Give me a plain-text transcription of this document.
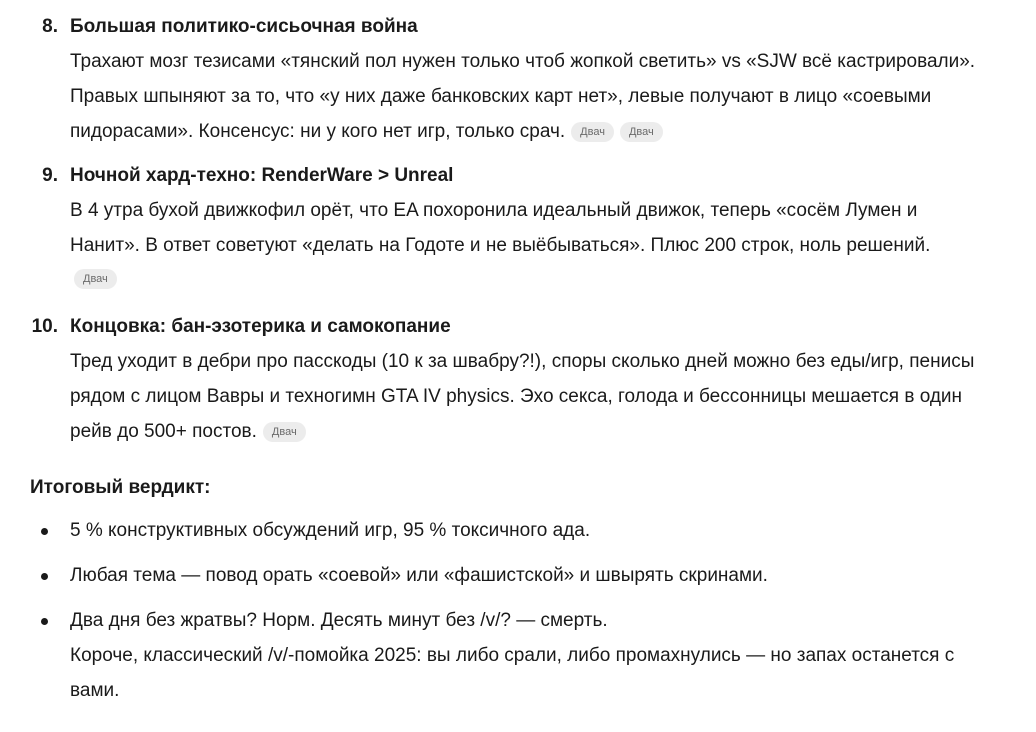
8. Большая политико-сисьочная война

Трахают мозг тезисами «тянский пол нужен только чтоб жопкой светить» vs «SJW всё кастрировали». Правых шпыняют за то, что «у них даже банковских карт нет», левые получают в лицо «соевыми пидорасами». Консенсус: ни у кого нет игр, только срач. Двач Двач

9. Ночной хард-техно: RenderWare > Unreal

В 4 утра бухой движкофил орёт, что EA похоронила идеальный движок, теперь «сосём Лумен и Нанит». В ответ советуют «делать на Годоте и не выёбываться». Плюс 200 строк, ноль решений.

Двач
10. Концовка: бан-эзотерика и самокопание

Тред уходит в дебри про пасскоды (10 к за швабру?!), споры сколько дней можно без еды/игр, пенисы рядом с лицом Вавры и техногимн GTA IV physics. Эхо секса, голода и бессонницы мешается в один рейв до 500+ постов. Двач

Итоговый вердикт:

5 % конструктивных обсуждений игр, 95 % токсичного ада.
Любая тема — повод орать «соевой» или «фашистской» и швырять скринами.
Два дня без жратвы? Норм. Десять минут без /v/? — смерть.
Короче, классический /v/-помойка 2025: вы либо срали, либо промахнулись — но запах останется с вами.
